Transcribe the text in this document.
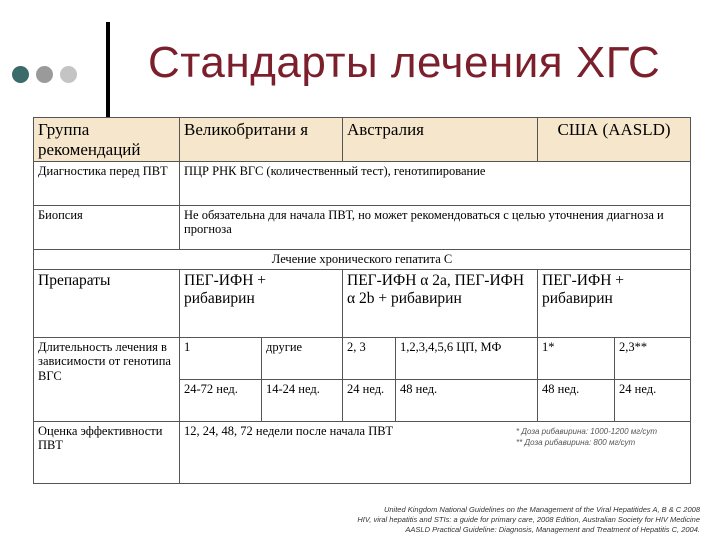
Стандарты лечения ХГС
Группа рекомендаций	Великобритани я		Австралия		США (AASLD)	
Диагностика перед ПВТ	ПЦР РНК ВГС (количественный тест), генотипирование					
Биопсия	Не обязательна для начала ПВТ, но может рекомендоваться с целью уточнения диагноза и прогноза					
Лечение хронического гепатита С						
Препараты	ПЕГ-ИФН + рибавирин		ПЕГ-ИФН α 2а, ПЕГ-ИФН α 2b + рибавирин		ПЕГ-ИФН + рибавирин	
Длительность лечения в зависимости от генотипа ВГС	1	другие	2, 3	1,2,3,4,5,6 ЦП, МФ	1*	2,3**
	24-72 нед.	14-24 нед.	24 нед.	48 нед.	48 нед.	24 нед.
Оценка эффективности ПВТ	12, 24, 48, 72 недели после начала ПВТ						* Доза рибавирина: 1000-1200 мг/сут
** Доза рибавирина: 800 мг/сут
United Kingdom National Guidelines on the Management of the Viral Hepatitides A, B & C 2008
HIV, viral hepatitis and STIs: a guide for primary care, 2008 Edition, Australian Society for HIV Medicine
AASLD Practical Guideline: Diagnosis, Management and Treatment of Hepatitis C, 2004.
